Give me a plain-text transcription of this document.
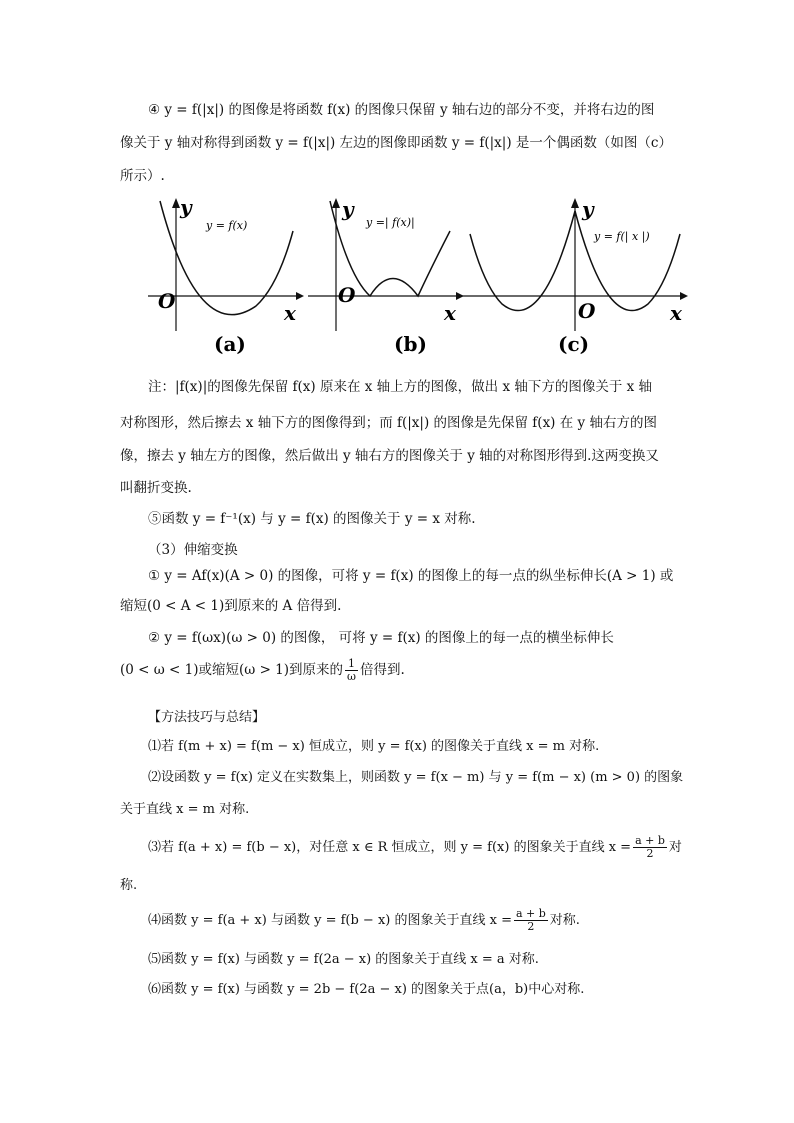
④ y = f(|x|) 的图像是将函数 f(x) 的图像只保留 y 轴右边的部分不变，并将右边的图
像关于 y 轴对称得到函数 y = f(|x|) 左边的图像即函数 y = f(|x|) 是一个偶函数（如图（c）
所示）.
O	x
y
y = f(x)
(a)
O
x
y
y =| f(x)|
(b)
O	x
y
y = f(| x |)
(c)
注：|f(x)|的图像先保留 f(x) 原来在 x 轴上方的图像，做出 x 轴下方的图像关于 x 轴
对称图形，然后擦去 x 轴下方的图像得到；而 f(|x|) 的图像是先保留 f(x) 在 y 轴右方的图
像，擦去 y 轴左方的图像，然后做出 y 轴右方的图像关于 y 轴的对称图形得到.这两变换又
叫翻折变换.
⑤函数 y = f⁻¹(x) 与 y = f(x) 的图像关于 y = x 对称.
（3）伸缩变换
① y = Af(x)(A > 0) 的图像，可将 y = f(x) 的图像上的每一点的纵坐标伸长(A > 1) 或
缩短(0 < A < 1)到原来的 A 倍得到.
② y = f(ωx)(ω > 0) 的图像， 可将 y = f(x) 的图像上的每一点的横坐标伸长
(0 < ω < 1)或缩短(ω > 1)到原来的 $\frac{1}{\omega}$ 倍得到.
【方法技巧与总结】
⑴若 f(m + x) = f(m − x) 恒成立，则 y = f(x) 的图像关于直线 x = m 对称.
⑵设函数 y = f(x) 定义在实数集上，则函数 y = f(x − m) 与 y = f(m − x) (m > 0) 的图象
关于直线 x = m 对称.
⑶若 f(a + x) = f(b − x)，对任意 x ∈ R 恒成立，则 y = f(x) 的图象关于直线 $x = \frac{a + b}{2}$ 对
称.
⑷函数 y = f(a + x) 与函数 y = f(b − x) 的图象关于直线 $x = \frac{a + b}{2}$ 对称.
⑸函数 y = f(x) 与函数 y = f(2a − x) 的图象关于直线 x = a 对称.
⑹函数 y = f(x) 与函数 y = 2b − f(2a − x) 的图象关于点(a，b)中心对称.
